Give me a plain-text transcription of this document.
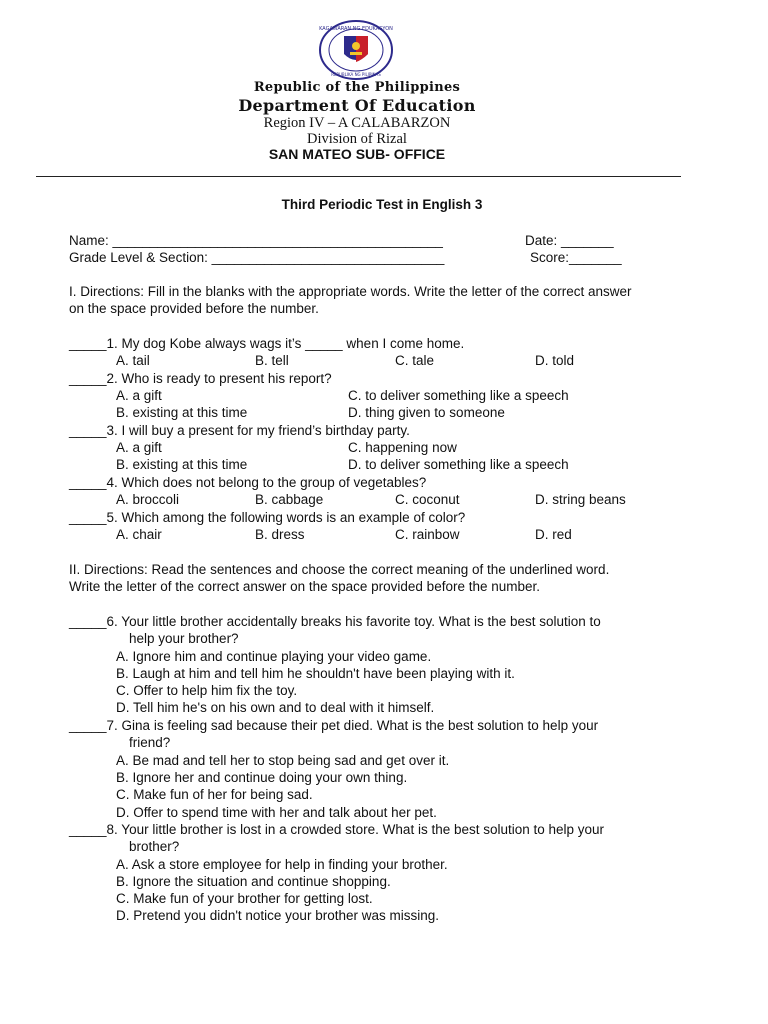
KAGAWARAN NG EDUKASYON
REPUBLIKA NG PILIPINAS
Republic of the Philippines
Department Of Education
Region IV – A CALABARZON
Division of Rizal
SAN MATEO SUB- OFFICE
Third Periodic Test in English 3
Name: ____________________________________________	Date: _______
Grade Level & Section: _______________________________	Score:_______
I. Directions: Fill in the blanks with the appropriate words. Write the letter of the correct answer
on the space provided before the number.
_____1. My dog Kobe always wags it’s _____ when I come home.
A. tail	B. tell	C. tale	D. told
_____2. Who is ready to present his report?
A. a gift	C. to deliver something like a speech
B. existing at this time	D. thing given to someone
_____3. I will buy a present for my friend’s birthday party.
A. a gift	C. happening now
B. existing at this time	D. to deliver something like a speech
_____4. Which does not belong to the group of vegetables?
A. broccoli	B. cabbage	C. coconut	D. string beans
_____5. Which among the following words is an example of color?
A. chair	B. dress	C. rainbow	D. red
II. Directions: Read the sentences and choose the correct meaning of the underlined word.
Write the letter of the correct answer on the space provided before the number.
_____6. Your little brother accidentally breaks his favorite toy. What is the best solution to
help your brother?
A. Ignore him and continue playing your video game.
B. Laugh at him and tell him he shouldn't have been playing with it.
C. Offer to help him fix the toy.
D. Tell him he's on his own and to deal with it himself.
_____7. Gina is feeling sad because their pet died. What is the best solution to help your
friend?
A. Be mad and tell her to stop being sad and get over it.
B. Ignore her and continue doing your own thing.
C. Make fun of her for being sad.
D. Offer to spend time with her and talk about her pet.
_____8. Your little brother is lost in a crowded store. What is the best solution to help your
brother?
A. Ask a store employee for help in finding your brother.
B. Ignore the situation and continue shopping.
C. Make fun of your brother for getting lost.
D. Pretend you didn't notice your brother was missing.
